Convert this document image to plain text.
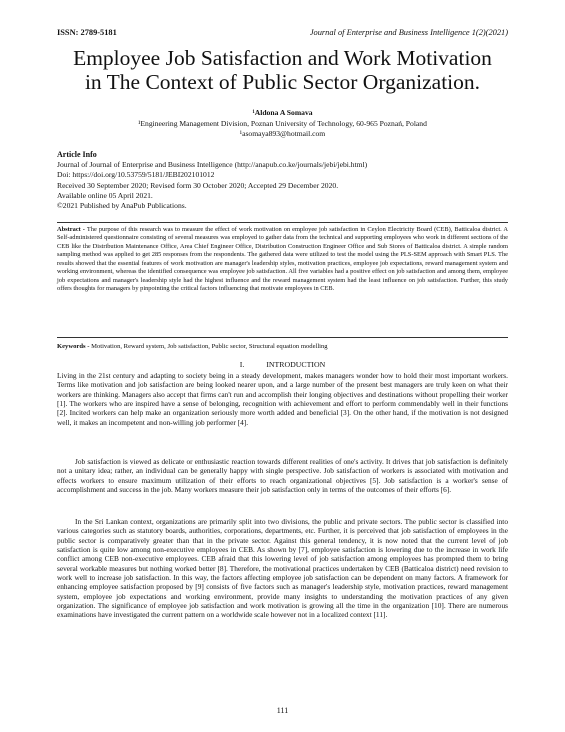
ISSN: 2789-5181	Journal of Enterprise and Business Intelligence 1(2)(2021)
Employee Job Satisfaction and Work Motivation
in The Context of Public Sector Organization.
¹Aldona A Somava
¹Engineering Management Division, Poznan University of Technology, 60-965 Poznań, Poland
¹asomaya893@hotmail.com
Article Info
Journal of Journal of Enterprise and Business Intelligence (http://anapub.co.ke/journals/jebi/jebi.html)
Doi: https://doi.org/10.53759/5181/JEBI202101012
Received 30 September 2020; Revised form 30 October 2020; Accepted 29 December 2020.
Available online 05 April 2021.
©2021 Published by AnaPub Publications.
Abstract - The purpose of this research was to measure the effect of work motivation on employee job satisfaction in Ceylon Electricity Board (CEB), Batticaloa district. A Self-administered questionnaire consisting of several measures was employed to gather data from the technical and supporting employees who work in different sections of the CEB like the Distribution Maintenance Office, Area Chief Engineer Office, Distribution Construction Engineer Office and Sub Stores of Batticaloa district. A simple random sampling method was applied to get 285 responses from the respondents. The gathered data were utilized to test the model using the PLS-SEM approach with Smart PLS. The results showed that the essential features of work motivation are manager's leadership styles, motivation practices, employee job expectations, reward management system and working environment, whereas the identified consequence was employee job satisfaction. All five variables had a positive effect on job satisfaction and among them, employee job expectations and manager's leadership style had the highest influence and the reward management system had the least influence on job satisfaction. Further, this study offers thoughts for managers by pinpointing the critical factors influencing that motivate employees in CEB.
Keywords - Motivation, Reward system, Job satisfaction, Public sector, Structural equation modelling
I.	INTRODUCTION

Living in the 21st century and adapting to society being in a steady development, makes managers wonder how to hold their most important workers. Terms like motivation and job satisfaction are being looked nearer upon, and a large number of the present best managers are truly keen on what their workers are thinking. Managers also accept that firms can't run and accomplish their longing objectives and destinations without propelling their worker [1]. The workers who are inspired have a sense of belonging, recognition with achievement and effort to perform commendably well in their functions [2]. Incited workers can help make an organization seriously more worth added and beneficial [3]. On the other hand, if the motivation is not designed well, it makes an incompetent and non-willing job performer [4].

Job satisfaction is viewed as delicate or enthusiastic reaction towards different realities of one's activity. It drives that job satisfaction is definitely not a unitary idea; rather, an individual can be generally happy with single perspective. Job satisfaction of workers is associated with motivation and effects workers to ensure maximum utilization of their efforts to reach organizational objectives [5]. Job satisfaction is a worker's sense of accomplishment and success in the job. Many workers measure their job satisfaction only in terms of the outcomes of their efforts [6].

In the Sri Lankan context, organizations are primarily split into two divisions, the public and private sectors. The public sector is classified into various categories such as statutory boards, authorities, corporations, departments, etc. Further, it is perceived that job satisfaction of employees in the public sector is comparatively greater than that in the private sector. Against this general tendency, it is now noted that the current level of job satisfaction is quite low among non-executive employees in CEB. As shown by [7], employee satisfaction is lowering due to the increase in work life conflict among CEB non-executive employees. CEB afraid that this lowering level of job satisfaction among employees has prompted them to bring several workable measures but nothing worked better [8]. Therefore, the motivational practices undertaken by CEB (Batticaloa district) need revision to work well to increase job satisfaction. In this way, the factors affecting employee job satisfaction can be dependent on many factors. A framework for enhancing employee satisfaction proposed by [9] consists of five factors such as manager's leadership style, motivation practices, reward management system, employee job expectations and working environment, provide many insights to understanding the motivation practices of any given organization. The significance of employee job satisfaction and work motivation is growing all the time in the organization [10]. There are numerous examinations have investigated the current pattern on a worldwide scale however not in a localized context [11].

111
